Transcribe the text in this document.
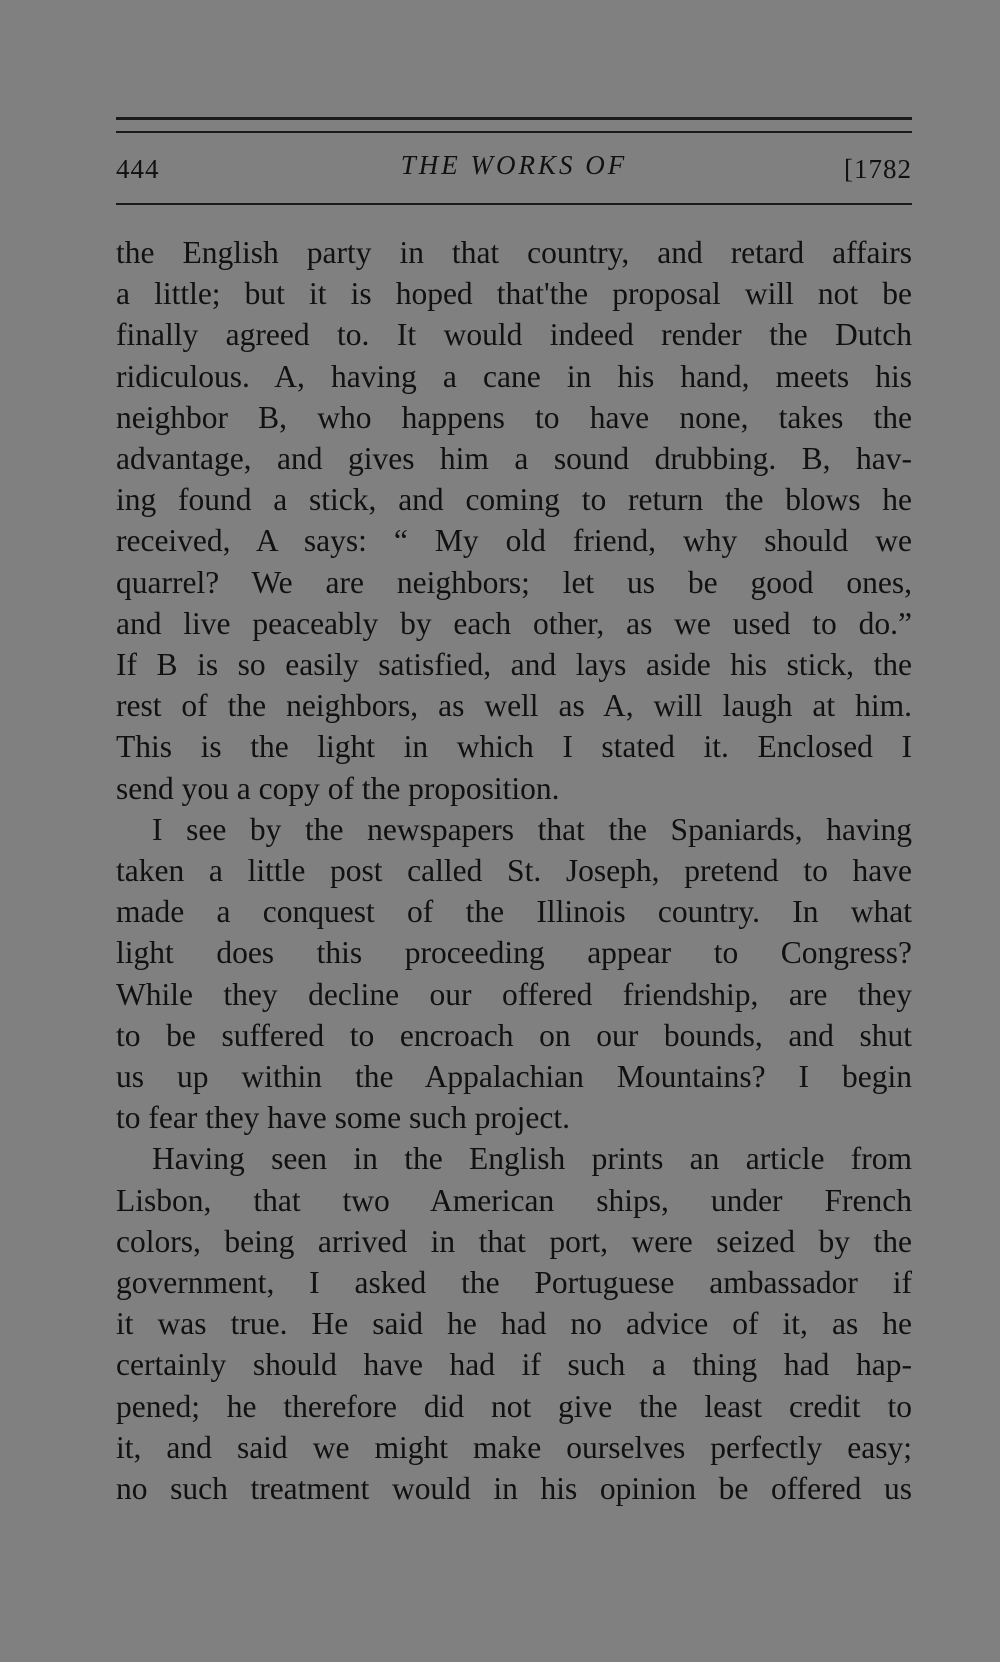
444	THE WORKS OF	[1782
the English party in that country, and retard affairs
a little; but it is hoped that'the proposal will not be
finally agreed to. It would indeed render the Dutch
ridiculous. A, having a cane in his hand, meets his
neighbor B, who happens to have none, takes the
advantage, and gives him a sound drubbing. B, hav-
ing found a stick, and coming to return the blows he
received, A says: “ My old friend, why should we
quarrel? We are neighbors; let us be good ones,
and live peaceably by each other, as we used to do.”
If B is so easily satisfied, and lays aside his stick, the
rest of the neighbors, as well as A, will laugh at him.
This is the light in which I stated it. Enclosed I
send you a copy of the proposition.
I see by the newspapers that the Spaniards, having
taken a little post called St. Joseph, pretend to have
made a conquest of the Illinois country. In what
light does this proceeding appear to Congress?
While they decline our offered friendship, are they
to be suffered to encroach on our bounds, and shut
us up within the Appalachian Mountains? I begin
to fear they have some such project.
Having seen in the English prints an article from
Lisbon, that two American ships, under French
colors, being arrived in that port, were seized by the
government, I asked the Portuguese ambassador if
it was true. He said he had no advice of it, as he
certainly should have had if such a thing had hap-
pened; he therefore did not give the least credit to
it, and said we might make ourselves perfectly easy;
no such treatment would in his opinion be offered us
